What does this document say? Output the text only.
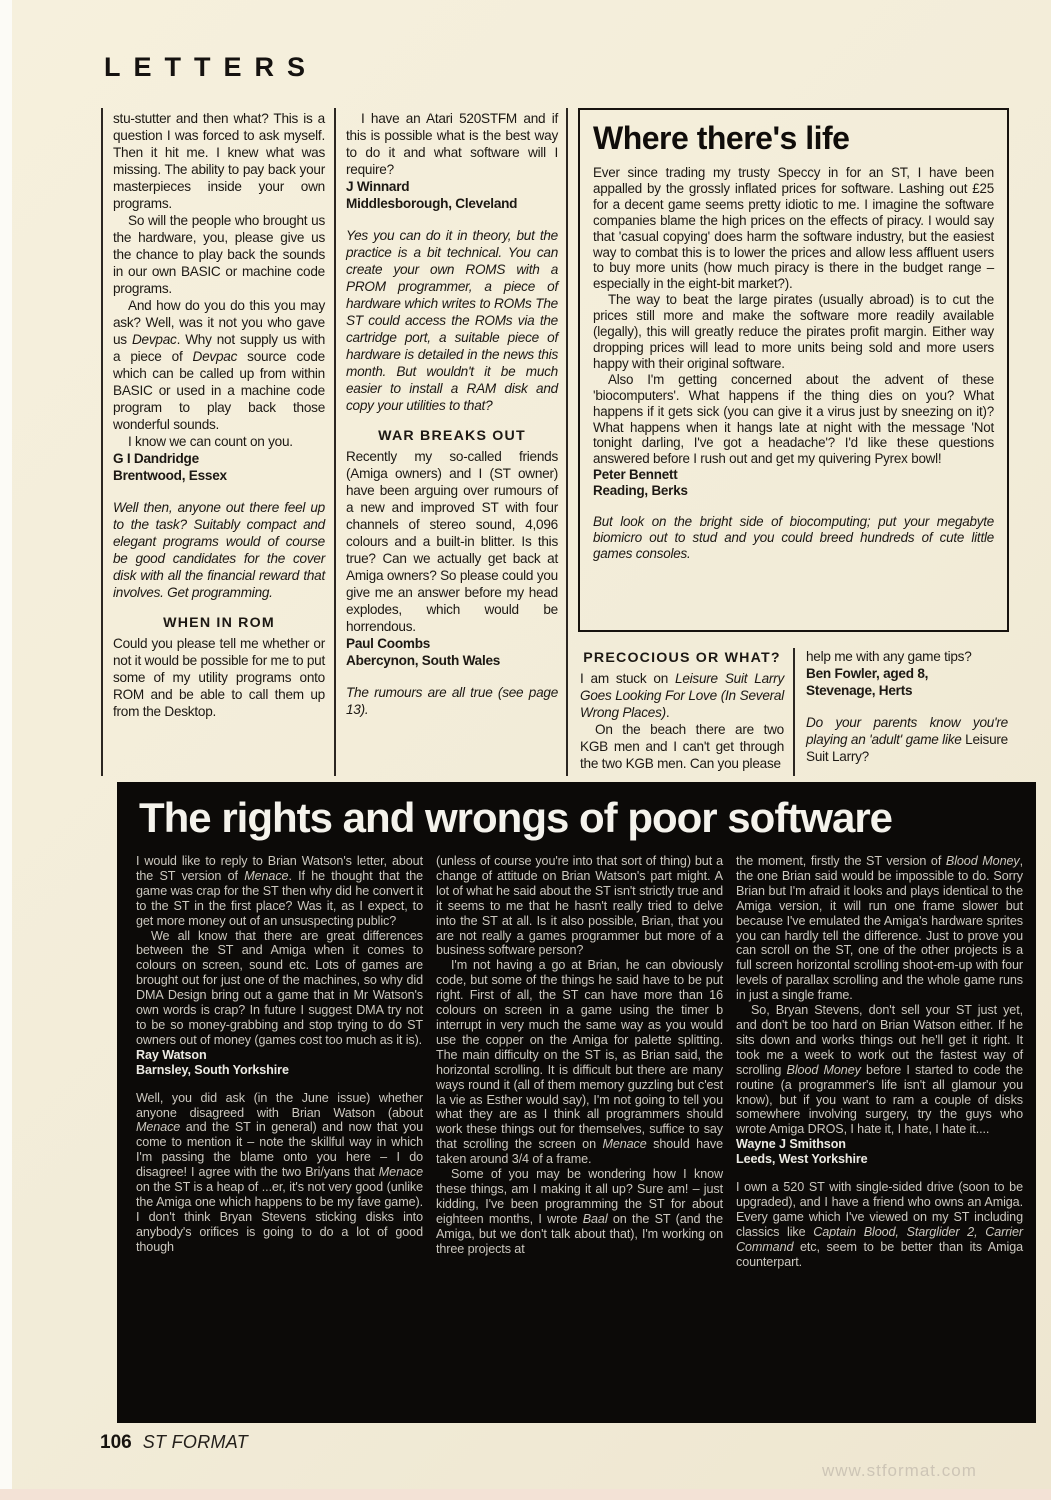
LETTERS

stu-stutter and then what? This is a question I was forced to ask myself. Then it hit me. I knew what was missing. The ability to pay back your masterpieces inside your own programs.

So will the people who brought us the hardware, you, please give us the chance to play back the sounds in our own BASIC or machine code programs.

And how do you do this you may ask? Well, was it not you who gave us Devpac. Why not supply us with a piece of Devpac source code which can be called up from within BASIC or used in a machine code program to play back those wonderful sounds.

I know we can count on you.

G I Dandridge

Brentwood, Essex

Well then, anyone out there feel up to the task? Suitably compact and elegant programs would of course be good candidates for the cover disk with all the financial reward that involves. Get programming.

WHEN IN ROM

Could you please tell me whether or not it would be possible for me to put some of my utility programs onto ROM and be able to call them up from the Desktop.

I have an Atari 520STFM and if this is possible what is the best way to do it and what software will I require?

J Winnard

Middlesborough, Cleveland

Yes you can do it in theory, but the practice is a bit technical. You can create your own ROMS with a PROM programmer, a piece of hardware which writes to ROMs The ST could access the ROMs via the cartridge port, a suitable piece of hardware is detailed in the news this month. But wouldn't it be much easier to install a RAM disk and copy your utilities to that?

WAR BREAKS OUT

Recently my so-called friends (Amiga owners) and I (ST owner) have been arguing over rumours of a new and improved ST with four channels of stereo sound, 4,096 colours and a built-in blitter. Is this true? Can we actually get back at Amiga owners? So please could you give me an answer before my head explodes, which would be horrendous.

Paul Coombs

Abercynon, South Wales

The rumours are all true (see page 13).

Where there's life

Ever since trading my trusty Speccy in for an ST, I have been appalled by the grossly inflated prices for software. Lashing out £25 for a decent game seems pretty idiotic to me. I imagine the software companies blame the high prices on the effects of piracy. I would say that 'casual copying' does harm the software industry, but the easiest way to combat this is to lower the prices and allow less affluent users to buy more units (how much piracy is there in the budget range – especially in the eight-bit market?).

The way to beat the large pirates (usually abroad) is to cut the prices still more and make the software more readily available (legally), this will greatly reduce the pirates profit margin. Either way dropping prices will lead to more units being sold and more users happy with their original software.

Also I'm getting concerned about the advent of these 'biocomputers'. What happens if the thing dies on you? What happens if it gets sick (you can give it a virus just by sneezing on it)? What happens when it hangs late at night with the message 'Not tonight darling, I've got a headache'? I'd like these questions answered before I rush out and get my quivering Pyrex bowl!

Peter Bennett

Reading, Berks

But look on the bright side of biocomputing; put your megabyte biomicro out to stud and you could breed hundreds of cute little games consoles.

PRECOCIOUS OR WHAT?

I am stuck on Leisure Suit Larry Goes Looking For Love (In Several Wrong Places).

On the beach there are two KGB men and I can't get through the two KGB men. Can you please

help me with any game tips?

Ben Fowler, aged 8,

Stevenage, Herts

Do your parents know you're playing an 'adult' game like Leisure Suit Larry?

The rights and wrongs of poor software

I would like to reply to Brian Watson's letter, about the ST version of Menace. If he thought that the game was crap for the ST then why did he convert it to the ST in the first place? Was it, as I expect, to get more money out of an unsuspecting public?

We all know that there are great differences between the ST and Amiga when it comes to colours on screen, sound etc. Lots of games are brought out for just one of the machines, so why did DMA Design bring out a game that in Mr Watson's own words is crap? In future I suggest DMA try not to be so money-grabbing and stop trying to do ST owners out of money (games cost too much as it is).

Ray Watson

Barnsley, South Yorkshire

Well, you did ask (in the June issue) whether anyone disagreed with Brian Watson (about Menace and the ST in general) and now that you come to mention it – note the skillful way in which I'm passing the blame onto you here – I do disagree! I agree with the two Bri/yans that Menace on the ST is a heap of ...er, it's not very good (unlike the Amiga one which happens to be my fave game). I don't think Bryan Stevens sticking disks into anybody's orifices is going to do a lot of good though

(unless of course you're into that sort of thing) but a change of attitude on Brian Watson's part might. A lot of what he said about the ST isn't strictly true and it seems to me that he hasn't really tried to delve into the ST at all. Is it also possible, Brian, that you are not really a games programmer but more of a business software person?

I'm not having a go at Brian, he can obviously code, but some of the things he said have to be put right. First of all, the ST can have more than 16 colours on screen in a game using the timer b interrupt in very much the same way as you would use the copper on the Amiga for palette splitting. The main difficulty on the ST is, as Brian said, the horizontal scrolling. It is difficult but there are many ways round it (all of them memory guzzling but c'est la vie as Esther would say), I'm not going to tell you what they are as I think all programmers should work these things out for themselves, suffice to say that scrolling the screen on Menace should have taken around 3/4 of a frame.

Some of you may be wondering how I know these things, am I making it all up? Sure am! – just kidding, I've been programming the ST for about eighteen months, I wrote Baal on the ST (and the Amiga, but we don't talk about that), I'm working on three projects at

the moment, firstly the ST version of Blood Money, the one Brian said would be impossible to do. Sorry Brian but I'm afraid it looks and plays identical to the Amiga version, it will run one frame slower but because I've emulated the Amiga's hardware sprites you can hardly tell the difference. Just to prove you can scroll on the ST, one of the other projects is a full screen horizontal scrolling shoot-em-up with four levels of parallax scrolling and the whole game runs in just a single frame.

So, Bryan Stevens, don't sell your ST just yet, and don't be too hard on Brian Watson either. If he sits down and works things out he'll get it right. It took me a week to work out the fastest way of scrolling Blood Money before I started to code the routine (a programmer's life isn't all glamour you know), but if you want to ram a couple of disks somewhere involving surgery, try the guys who wrote Amiga DROS, I hate it, I hate, I hate it....

Wayne J Smithson

Leeds, West Yorkshire

I own a 520 ST with single-sided drive (soon to be upgraded), and I have a friend who owns an Amiga. Every game which I've viewed on my ST including classics like Captain Blood, Starglider 2, Carrier Command etc, seem to be better than its Amiga counterpart.

106 ST FORMAT
www.stformat.com
